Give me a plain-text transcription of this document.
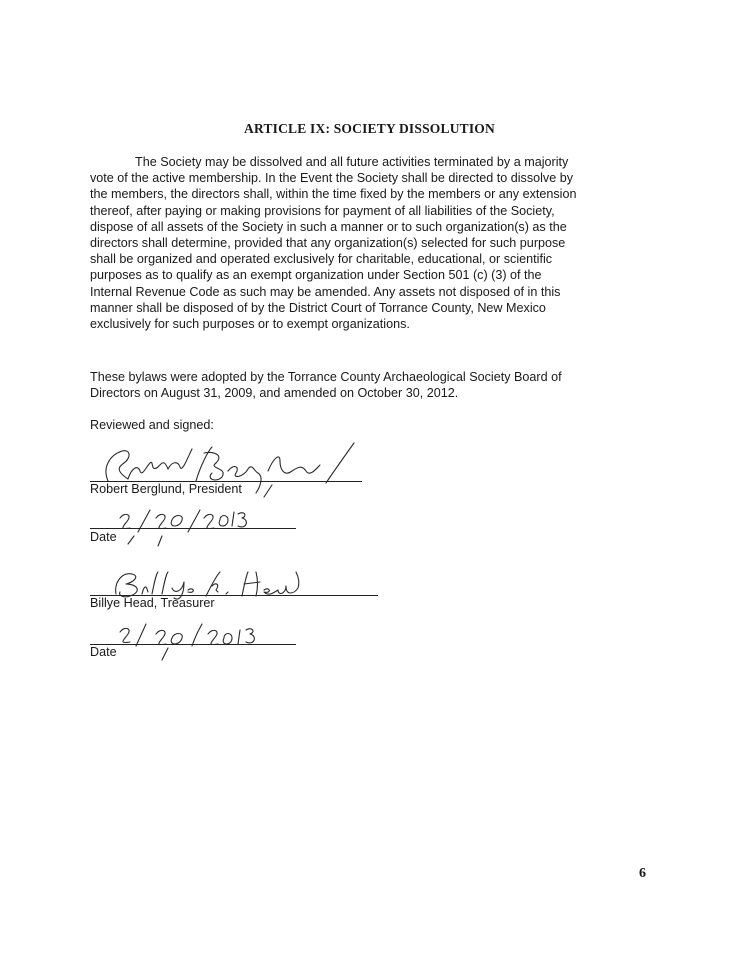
ARTICLE IX: SOCIETY DISSOLUTION
The Society may be dissolved and all future activities terminated by a majority
vote of the active membership. In the Event the Society shall be directed to dissolve by
the members, the directors shall, within the time fixed by the members or any extension
thereof, after paying or making provisions for payment of all liabilities of the Society,
dispose of all assets of the Society in such a manner or to such organization(s) as the
directors shall determine, provided that any organization(s) selected for such purpose
shall be organized and operated exclusively for charitable, educational, or scientific
purposes as to qualify as an exempt organization under Section 501 (c) (3) of the
Internal Revenue Code as such may be amended. Any assets not disposed of in this
manner shall be disposed of by the District Court of Torrance County, New Mexico
exclusively for such purposes or to exempt organizations.
These bylaws were adopted by the Torrance County Archaeological Society Board of
Directors on August 31, 2009, and amended on October 30, 2012.
Reviewed and signed:
Robert Berglund, President
Date
Billye Head, Treasurer
Date
6
